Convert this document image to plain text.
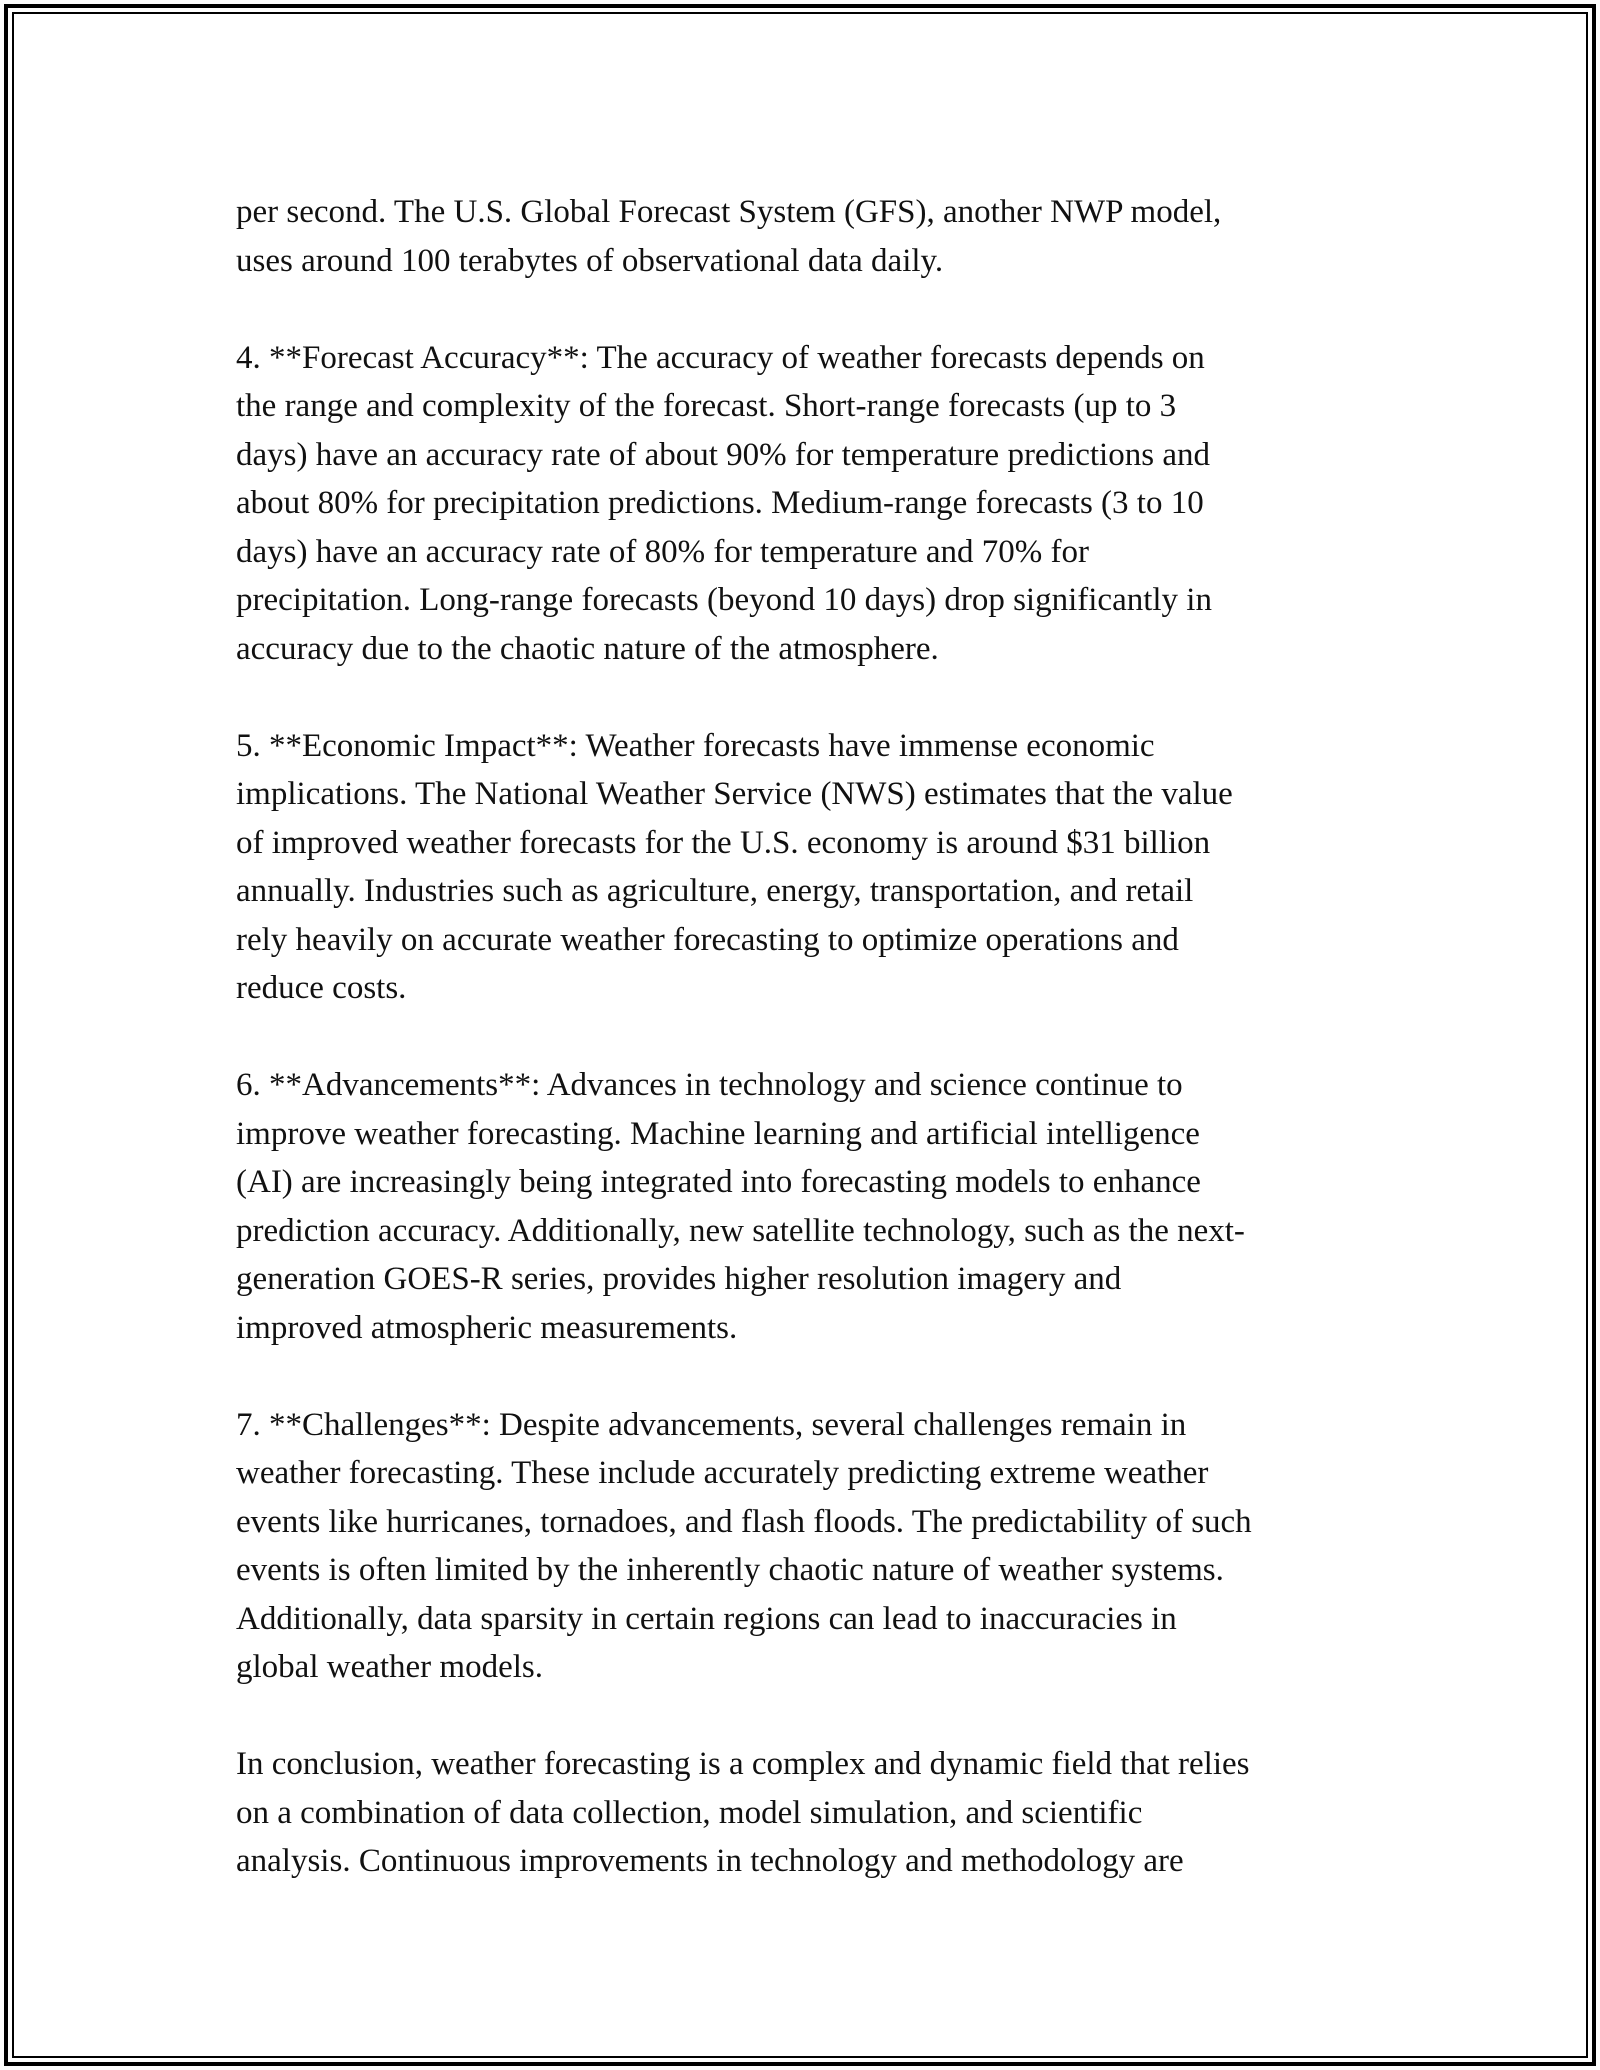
per second. The U.S. Global Forecast System (GFS), another NWP model,
uses around 100 terabytes of observational data daily.

4. **Forecast Accuracy**: The accuracy of weather forecasts depends on
the range and complexity of the forecast. Short-range forecasts (up to 3
days) have an accuracy rate of about 90% for temperature predictions and
about 80% for precipitation predictions. Medium-range forecasts (3 to 10
days) have an accuracy rate of 80% for temperature and 70% for
precipitation. Long-range forecasts (beyond 10 days) drop significantly in
accuracy due to the chaotic nature of the atmosphere.

5. **Economic Impact**: Weather forecasts have immense economic
implications. The National Weather Service (NWS) estimates that the value
of improved weather forecasts for the U.S. economy is around $31 billion
annually. Industries such as agriculture, energy, transportation, and retail
rely heavily on accurate weather forecasting to optimize operations and
reduce costs.

6. **Advancements**: Advances in technology and science continue to
improve weather forecasting. Machine learning and artificial intelligence
(AI) are increasingly being integrated into forecasting models to enhance
prediction accuracy. Additionally, new satellite technology, such as the next-
generation GOES-R series, provides higher resolution imagery and
improved atmospheric measurements.

7. **Challenges**: Despite advancements, several challenges remain in
weather forecasting. These include accurately predicting extreme weather
events like hurricanes, tornadoes, and flash floods. The predictability of such
events is often limited by the inherently chaotic nature of weather systems.
Additionally, data sparsity in certain regions can lead to inaccuracies in
global weather models.

In conclusion, weather forecasting is a complex and dynamic field that relies
on a combination of data collection, model simulation, and scientific
analysis. Continuous improvements in technology and methodology are
